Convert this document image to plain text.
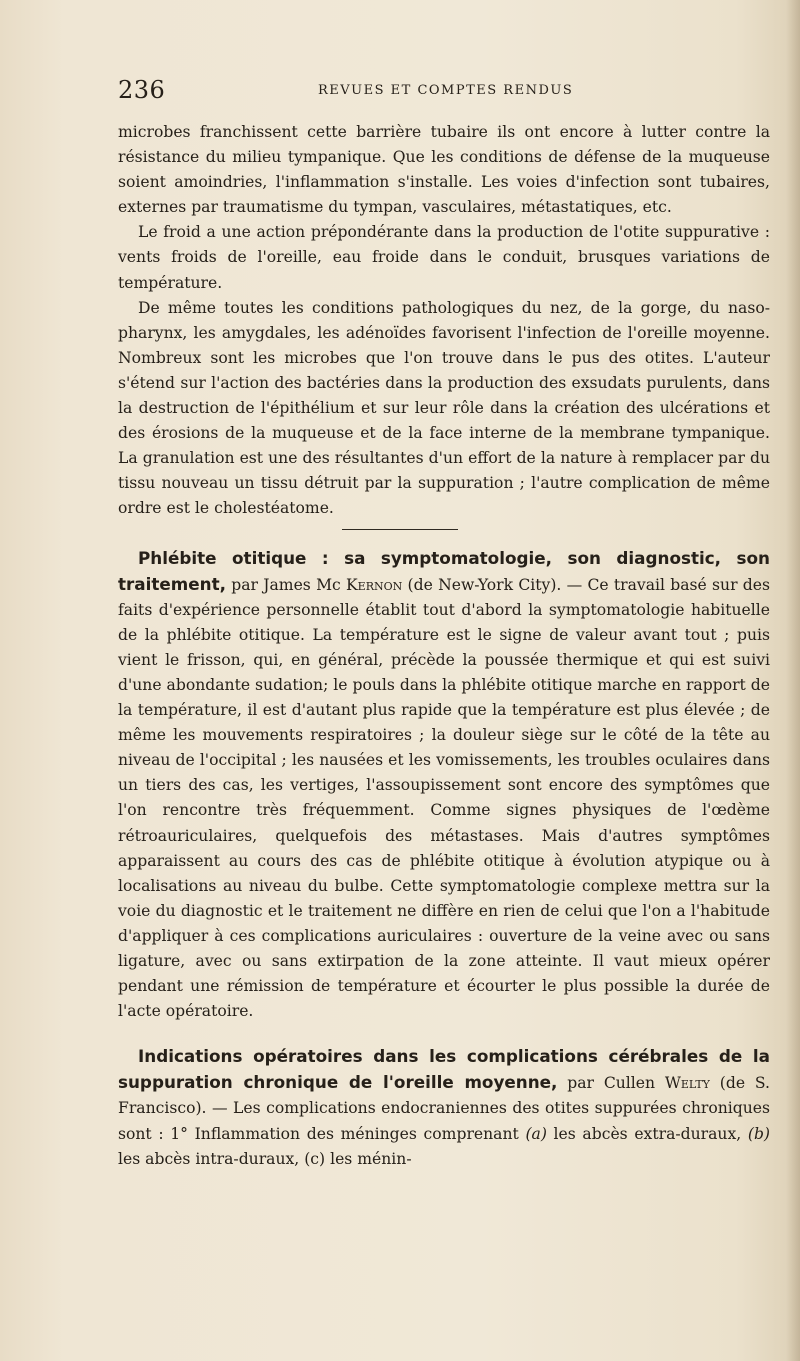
236	REVUES ET COMPTES RENDUS

microbes franchissent cette barrière tubaire ils ont encore à lutter contre la résistance du milieu tympanique. Que les conditions de défense de la muqueuse soient amoindries, l'inflammation s'installe. Les voies d'infection sont tubaires, externes par traumatisme du tympan, vasculaires, métastatiques, etc.

Le froid a une action prépondérante dans la production de l'otite suppurative : vents froids de l'oreille, eau froide dans le conduit, brusques variations de température.

De même toutes les conditions pathologiques du nez, de la gorge, du naso-pharynx, les amygdales, les adénoïdes favorisent l'infection de l'oreille moyenne. Nombreux sont les microbes que l'on trouve dans le pus des otites. L'auteur s'étend sur l'action des bactéries dans la production des exsudats purulents, dans la destruction de l'épithélium et sur leur rôle dans la création des ulcérations et des érosions de la muqueuse et de la face interne de la membrane tympanique. La granulation est une des résultantes d'un effort de la nature à remplacer par du tissu nouveau un tissu détruit par la suppuration ; l'autre complication de même ordre est le cholestéatome.

Phlébite otitique : sa symptomatologie, son diagnostic, son traitement, par James Mc Kernon (de New-York City). — Ce travail basé sur des faits d'expérience personnelle établit tout d'abord la symptomatologie habituelle de la phlébite otitique. La température est le signe de valeur avant tout ; puis vient le frisson, qui, en général, précède la poussée thermique et qui est suivi d'une abondante sudation; le pouls dans la phlébite otitique marche en rapport de la température, il est d'autant plus rapide que la température est plus élevée ; de même les mouvements respiratoires ; la douleur siège sur le côté de la tête au niveau de l'occipital ; les nausées et les vomissements, les troubles oculaires dans un tiers des cas, les vertiges, l'assoupissement sont encore des symptômes que l'on rencontre très fréquemment. Comme signes physiques de l'œdème rétroauriculaires, quelquefois des métastases. Mais d'autres symptômes apparaissent au cours des cas de phlébite otitique à évolution atypique ou à localisations au niveau du bulbe. Cette symptomatologie complexe mettra sur la voie du diagnostic et le traitement ne diffère en rien de celui que l'on a l'habitude d'appliquer à ces complications auriculaires : ouverture de la veine avec ou sans ligature, avec ou sans extirpation de la zone atteinte. Il vaut mieux opérer pendant une rémission de température et écourter le plus possible la durée de l'acte opératoire.

Indications opératoires dans les complications cérébrales de la suppuration chronique de l'oreille moyenne, par Cullen Welty (de S. Francisco). — Les complications endocraniennes des otites suppurées chroniques sont : 1° Inflammation des méninges comprenant (a) les abcès extra-duraux, (b) les abcès intra-duraux, (c) les ménin-
